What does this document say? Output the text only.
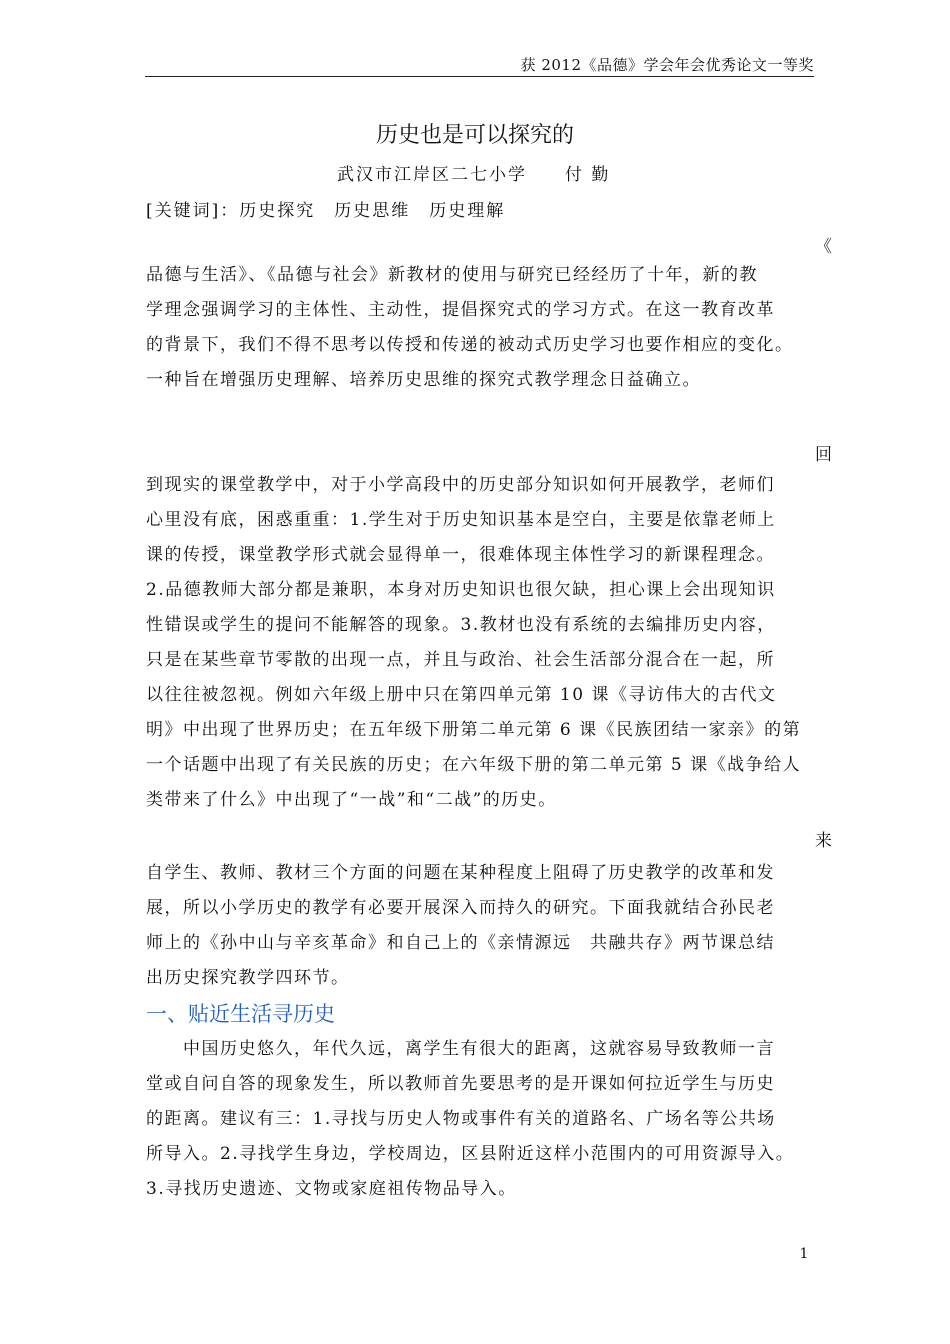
获 2012《品德》学会年会优秀论文一等奖
历史也是可以探究的
武汉市江岸区二七小学　　付 勤
[关键词]：历史探究　历史思维　历史理解
《
品德与生活》、《品德与社会》新教材的使用与研究已经经历了十年，新的教
学理念强调学习的主体性、主动性，提倡探究式的学习方式。在这一教育改革
的背景下，我们不得不思考以传授和传递的被动式历史学习也要作相应的变化。
一种旨在增强历史理解、培养历史思维的探究式教学理念日益确立。
回
到现实的课堂教学中，对于小学高段中的历史部分知识如何开展教学，老师们
心里没有底，困惑重重：1.学生对于历史知识基本是空白，主要是依靠老师上
课的传授，课堂教学形式就会显得单一，很难体现主体性学习的新课程理念。
2.品德教师大部分都是兼职，本身对历史知识也很欠缺，担心课上会出现知识
性错误或学生的提问不能解答的现象。3.教材也没有系统的去编排历史内容，
只是在某些章节零散的出现一点，并且与政治、社会生活部分混合在一起，所
以往往被忽视。例如六年级上册中只在第四单元第 10 课《寻访伟大的古代文
明》中出现了世界历史；在五年级下册第二单元第 6 课《民族团结一家亲》的第
一个话题中出现了有关民族的历史；在六年级下册的第二单元第 5 课《战争给人
类带来了什么》中出现了“一战”和“二战”的历史。
来
自学生、教师、教材三个方面的问题在某种程度上阻碍了历史教学的改革和发
展，所以小学历史的教学有必要开展深入而持久的研究。下面我就结合孙民老
师上的《孙中山与辛亥革命》和自己上的《亲情源远　共融共存》两节课总结
出历史探究教学四环节。
一、贴近生活寻历史
　　中国历史悠久，年代久远，离学生有很大的距离，这就容易导致教师一言
堂或自问自答的现象发生，所以教师首先要思考的是开课如何拉近学生与历史
的距离。建议有三：1.寻找与历史人物或事件有关的道路名、广场名等公共场
所导入。2.寻找学生身边，学校周边，区县附近这样小范围内的可用资源导入。
3.寻找历史遗迹、文物或家庭祖传物品导入。
1
